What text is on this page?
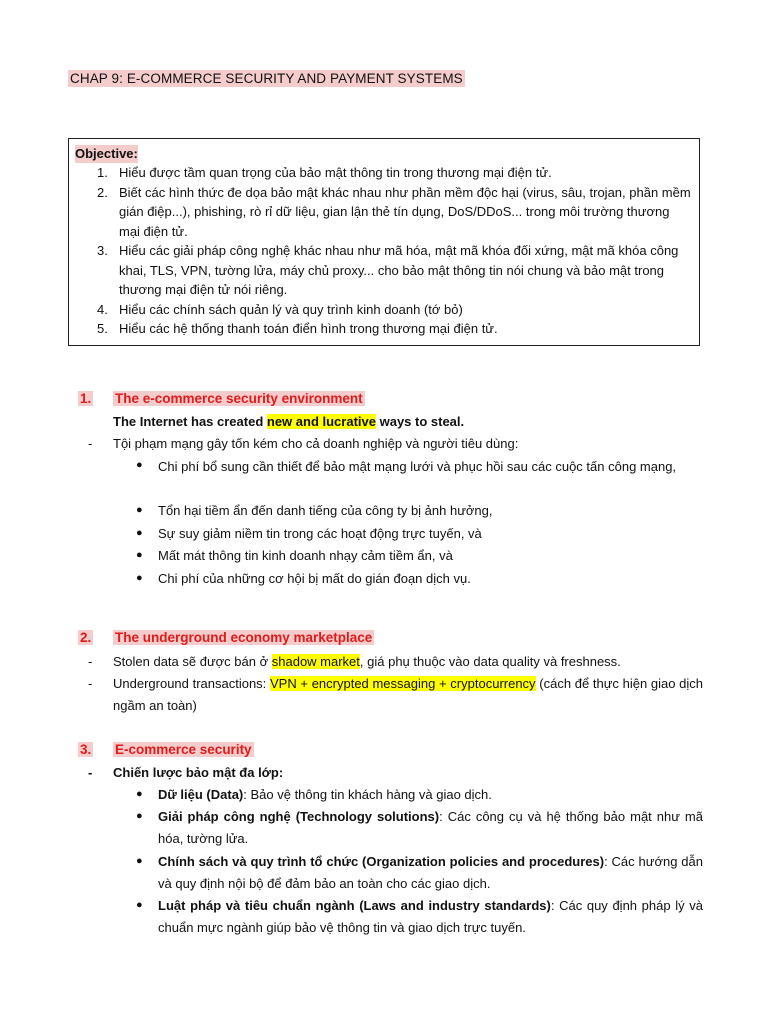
CHAP 9: E-COMMERCE SECURITY AND PAYMENT SYSTEMS
Objective:
1. Hiểu được tầm quan trọng của bảo mật thông tin trong thương mại điện tử.
2. Biết các hình thức đe dọa bảo mật khác nhau như phần mềm độc hại (virus, sâu, trojan, phần mềm gián điệp...), phishing, rò rỉ dữ liệu, gian lận thẻ tín dụng, DoS/DDoS... trong môi trường thương mại điện tử.
3. Hiểu các giải pháp công nghệ khác nhau như mã hóa, mật mã khóa đối xứng, mật mã khóa công khai, TLS, VPN, tường lửa, máy chủ proxy... cho bảo mật thông tin nói chung và bảo mật trong thương mại điện tử nói riêng.
4. Hiểu các chính sách quản lý và quy trình kinh doanh (tớ bỏ)
5. Hiểu các hệ thống thanh toán điển hình trong thương mại điện tử.
1. The e-commerce security environment
The Internet has created new and lucrative ways to steal.
- Tội phạm mạng gây tốn kém cho cả doanh nghiệp và người tiêu dùng:
● Chi phí bổ sung cần thiết để bảo mật mạng lưới và phục hồi sau các cuộc tấn công mạng,
● Tổn hại tiềm ẩn đến danh tiếng của công ty bị ảnh hưởng,
● Sự suy giảm niềm tin trong các hoạt động trực tuyến, và
● Mất mát thông tin kinh doanh nhạy cảm tiềm ẩn, và
● Chi phí của những cơ hội bị mất do gián đoạn dịch vụ.
2. The underground economy marketplace
- Stolen data sẽ được bán ở shadow market, giá phụ thuộc vào data quality và freshness.
- Underground transactions: VPN + encrypted messaging + cryptocurrency (cách để thực hiện giao dịch ngầm an toàn)
3. E-commerce security
- Chiến lược bảo mật đa lớp:
● Dữ liệu (Data): Bảo vệ thông tin khách hàng và giao dịch.
● Giải pháp công nghệ (Technology solutions): Các công cụ và hệ thống bảo mật như mã hóa, tường lửa.
● Chính sách và quy trình tổ chức (Organization policies and procedures): Các hướng dẫn và quy định nội bộ để đảm bảo an toàn cho các giao dịch.
● Luật pháp và tiêu chuẩn ngành (Laws and industry standards): Các quy định pháp lý và chuẩn mực ngành giúp bảo vệ thông tin và giao dịch trực tuyến.
